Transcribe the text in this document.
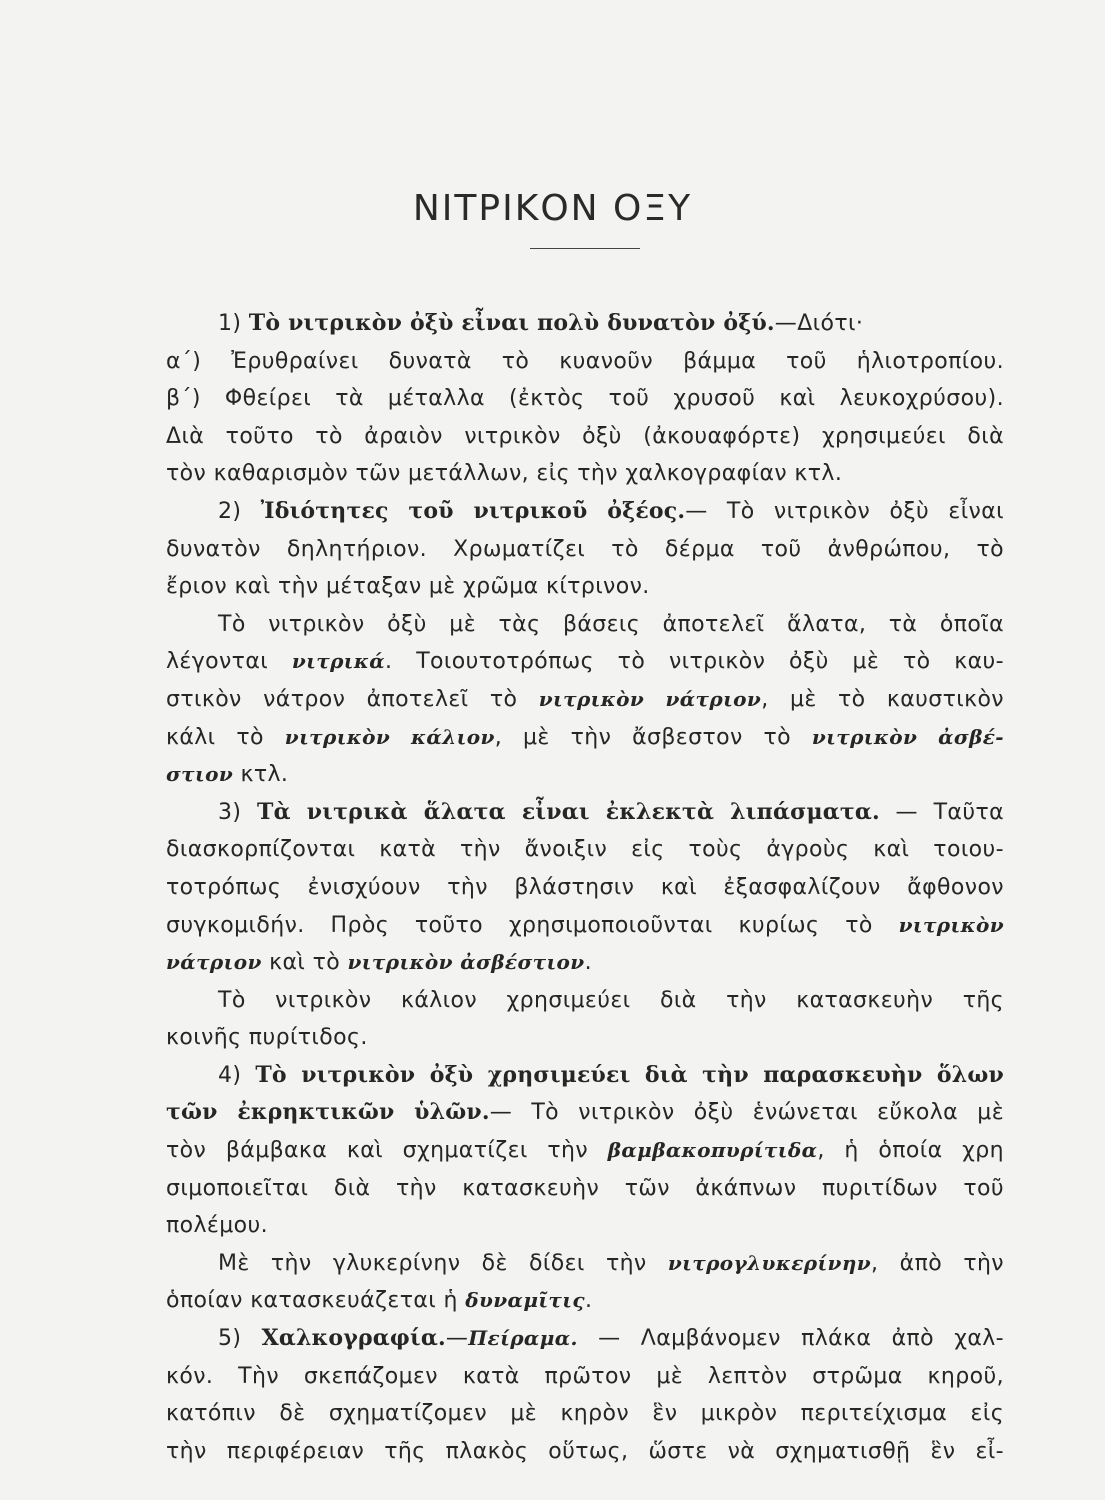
ΝΙΤΡΙΚΟΝ ΟΞΥ
1) Τὸ νιτρικὸν ὀξὺ εἶναι πολὺ δυνατὸν ὀξύ.—Διότι·
α΄) Ἐρυθραίνει δυνατὰ τὸ κυανοῦν βάμμα τοῦ ἡλιοτροπίου.
β΄) Φθείρει τὰ μέταλλα (ἐκτὸς τοῦ χρυσοῦ καὶ λευκοχρύσου).
Διὰ τοῦτο τὸ ἀραιὸν νιτρικὸν ὀξὺ (ἀκουαφόρτε) χρησιμεύει διὰ
τὸν καθαρισμὸν τῶν μετάλλων, εἰς τὴν χαλκογραφίαν κτλ.
2) Ἰδιότητες τοῦ νιτρικοῦ ὀξέος.— Τὸ νιτρικὸν ὀξὺ εἶναι
δυνατὸν δηλητήριον. Χρωματίζει τὸ δέρμα τοῦ ἀνθρώπου, τὸ
ἔριον καὶ τὴν μέταξαν μὲ χρῶμα κίτρινον.
Τὸ νιτρικὸν ὀξὺ μὲ τὰς βάσεις ἀποτελεῖ ἅλατα, τὰ ὁποῖα
λέγονται νιτρικά. Τοιουτοτρόπως τὸ νιτρικὸν ὀξὺ μὲ τὸ καυ-
στικὸν νάτρον ἀποτελεῖ τὸ νιτρικὸν νάτριον, μὲ τὸ καυστικὸν
κάλι τὸ νιτρικὸν κάλιον, μὲ τὴν ἄσβεστον τὸ νιτρικὸν ἀσβέ-
στιον κτλ.
3) Τὰ νιτρικὰ ἅλατα εἶναι ἐκλεκτὰ λιπάσματα. — Ταῦτα
διασκορπίζονται κατὰ τὴν ἄνοιξιν εἰς τοὺς ἀγροὺς καὶ τοιου-
τοτρόπως ἐνισχύουν τὴν βλάστησιν καὶ ἐξασφαλίζουν ἄφθονον
συγκομιδήν. Πρὸς τοῦτο χρησιμοποιοῦνται κυρίως τὸ νιτρικὸν
νάτριον καὶ τὸ νιτρικὸν ἀσβέστιον.
Τὸ νιτρικὸν κάλιον χρησιμεύει διὰ τὴν κατασκευὴν τῆς
κοινῆς πυρίτιδος.
4) Τὸ νιτρικὸν ὀξὺ χρησιμεύει διὰ τὴν παρασκευὴν ὅλων
τῶν ἐκρηκτικῶν ὑλῶν.— Τὸ νιτρικὸν ὀξὺ ἑνώνεται εὔκολα μὲ
τὸν βάμβακα καὶ σχηματίζει τὴν βαμβακοπυρίτιδα, ἡ ὁποία χρη
σιμοποιεῖται διὰ τὴν κατασκευὴν τῶν ἀκάπνων πυριτίδων τοῦ
πολέμου.
Μὲ τὴν γλυκερίνην δὲ δίδει τὴν νιτρογλυκερίνην, ἀπὸ τὴν
ὁποίαν κατασκευάζεται ἡ δυναμῖτις.
5) Χαλκογραφία.—Πείραμα. — Λαμβάνομεν πλάκα ἀπὸ χαλ-
κόν. Τὴν σκεπάζομεν κατὰ πρῶτον μὲ λεπτὸν στρῶμα κηροῦ,
κατόπιν δὲ σχηματίζομεν μὲ κηρὸν ἓν μικρὸν περιτείχισμα εἰς
τὴν περιφέρειαν τῆς πλακὸς οὕτως, ὥστε νὰ σχηματισθῇ ἓν εἶ-
